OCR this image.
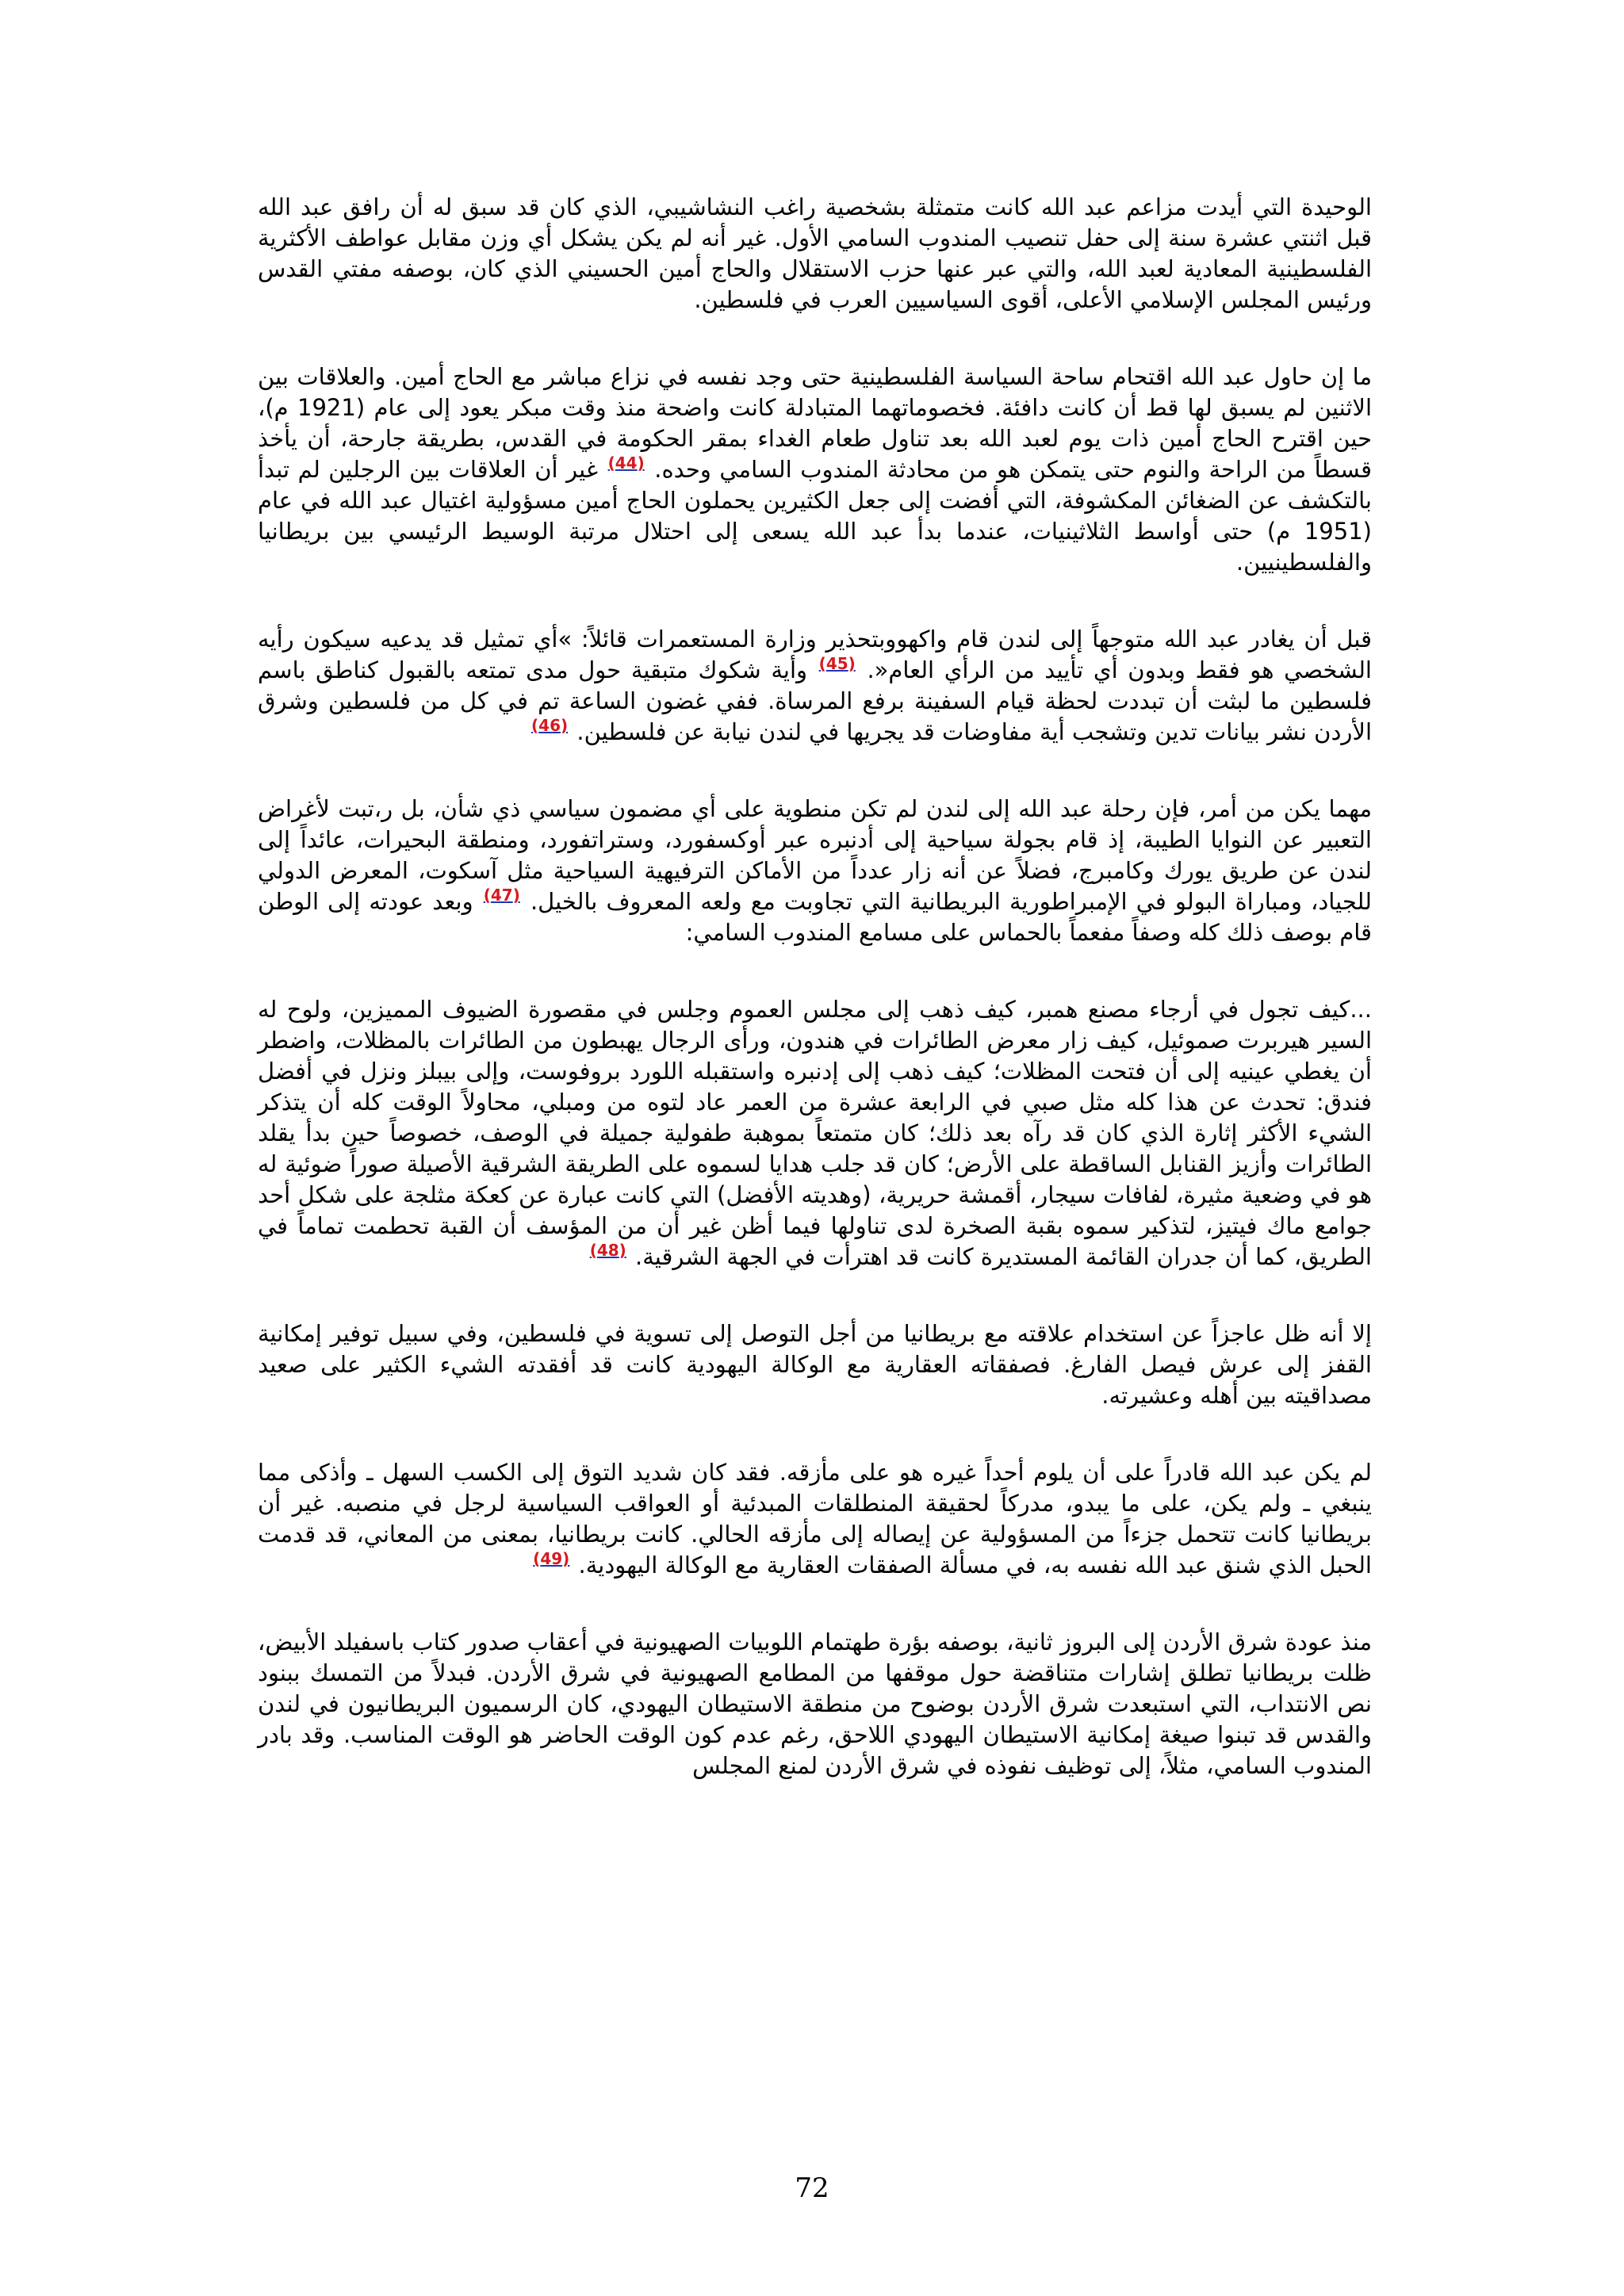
الوحيدة التي أيدت مزاعم عبد الله كانت متمثلة بشخصية راغب النشاشيبي، الذي كان قد سبق له أن رافق عبد الله قبل اثنتي عشرة سنة إلى حفل تنصيب المندوب السامي الأول. غير أنه لم يكن يشكل أي وزن مقابل عواطف الأكثرية الفلسطينية المعادية لعبد الله، والتي عبر عنها حزب الاستقلال والحاج أمين الحسيني الذي كان، بوصفه مفتي القدس ورئيس المجلس الإسلامي الأعلى، أقوى السياسيين العرب في فلسطين.

ما إن حاول عبد الله اقتحام ساحة السياسة الفلسطينية حتى وجد نفسه في نزاع مباشر مع الحاج أمين. والعلاقات بين الاثنين لم يسبق لها قط أن كانت دافئة. فخصوماتهما المتبادلة كانت واضحة منذ وقت مبكر يعود إلى عام (1921 م)، حين اقترح الحاج أمين ذات يوم لعبد الله بعد تناول طعام الغداء بمقر الحكومة في القدس، بطريقة جارحة، أن يأخذ قسطاً من الراحة والنوم حتى يتمكن هو من محادثة المندوب السامي وحده. $^{(44)}$ غير أن العلاقات بين الرجلين لم تبدأ بالتكشف عن الضغائن المكشوفة، التي أفضت إلى جعل الكثيرين يحملون الحاج أمين مسؤولية اغتيال عبد الله في عام (1951 م) حتى أواسط الثلاثينيات، عندما بدأ عبد الله يسعى إلى احتلال مرتبة الوسيط الرئيسي بين بريطانيا والفلسطينيين.

قبل أن يغادر عبد الله متوجهاً إلى لندن قام واكهووبتحذير وزارة المستعمرات قائلاً: »أي تمثيل قد يدعيه سيكون رأيه الشخصي هو فقط وبدون أي تأييد من الرأي العام«. $^{(45)}$ وأية شكوك متبقية حول مدى تمتعه بالقبول كناطق باسم فلسطين ما لبثت أن تبددت لحظة قيام السفينة برفع المرساة. ففي غضون الساعة تم في كل من فلسطين وشرق الأردن نشر بيانات تدين وتشجب أية مفاوضات قد يجريها في لندن نيابة عن فلسطين. $^{(46)}$

مهما يكن من أمر، فإن رحلة عبد الله إلى لندن لم تكن منطوية على أي مضمون سياسي ذي شأن، بل ر،تبت لأغراض التعبير عن النوايا الطيبة، إذ قام بجولة سياحية إلى أدنبره عبر أوكسفورد، وستراتفورد، ومنطقة البحيرات، عائداً إلى لندن عن طريق يورك وكامبرج، فضلاً عن أنه زار عدداً من الأماكن الترفيهية السياحية مثل آسكوت، المعرض الدولي للجياد، ومباراة البولو في الإمبراطورية البريطانية التي تجاوبت مع ولعه المعروف بالخيل. $^{(47)}$ وبعد عودته إلى الوطن قام بوصف ذلك كله وصفاً مفعماً بالحماس على مسامع المندوب السامي:

...كيف تجول في أرجاء مصنع همبر، كيف ذهب إلى مجلس العموم وجلس في مقصورة الضيوف المميزين، ولوح له السير هيربرت صموئيل، كيف زار معرض الطائرات في هندون، ورأى الرجال يهبطون من الطائرات بالمظلات، واضطر أن يغطي عينيه إلى أن فتحت المظلات؛ كيف ذهب إلى إدنبره واستقبله اللورد بروفوست، وإلى بيبلز ونزل في أفضل فندق: تحدث عن هذا كله مثل صبي في الرابعة عشرة من العمر عاد لتوه من ومبلي، محاولاً الوقت كله أن يتذكر الشيء الأكثر إثارة الذي كان قد رآه بعد ذلك؛ كان متمتعاً بموهبة طفولية جميلة في الوصف، خصوصاً حين بدأ يقلد الطائرات وأزيز القنابل الساقطة على الأرض؛ كان قد جلب هدايا لسموه على الطريقة الشرقية الأصيلة صوراً ضوئية له هو في وضعية مثيرة، لفافات سيجار، أقمشة حريرية، (وهديته الأفضل) التي كانت عبارة عن كعكة مثلجة على شكل أحد جوامع ماك فيتيز، لتذكير سموه بقبة الصخرة لدى تناولها فيما أظن غير أن من المؤسف أن القبة تحطمت تماماً في الطريق، كما أن جدران القائمة المستديرة كانت قد اهترأت في الجهة الشرقية. $^{(48)}$

إلا أنه ظل عاجزاً عن استخدام علاقته مع بريطانيا من أجل التوصل إلى تسوية في فلسطين، وفي سبيل توفير إمكانية القفز إلى عرش فيصل الفارغ. فصفقاته العقارية مع الوكالة اليهودية كانت قد أفقدته الشيء الكثير على صعيد مصداقيته بين أهله وعشيرته.

لم يكن عبد الله قادراً على أن يلوم أحداً غيره هو على مأزقه. فقد كان شديد التوق إلى الكسب السهل ـ وأذكى مما ينبغي ـ ولم يكن، على ما يبدو، مدركاً لحقيقة المنطلقات المبدئية أو العواقب السياسية لرجل في منصبه. غير أن بريطانيا كانت تتحمل جزءاً من المسؤولية عن إيصاله إلى مأزقه الحالي. كانت بريطانيا، بمعنى من المعاني، قد قدمت الحبل الذي شنق عبد الله نفسه به، في مسألة الصفقات العقارية مع الوكالة اليهودية. $^{(49)}$

منذ عودة شرق الأردن إلى البروز ثانية، بوصفه بؤرة طهتمام اللوبيات الصهيونية في أعقاب صدور كتاب باسفيلد الأبيض، ظلت بريطانيا تطلق إشارات متناقضة حول موقفها من المطامع الصهيونية في شرق الأردن. فبدلاً من التمسك ببنود نص الانتداب، التي استبعدت شرق الأردن بوضوح من منطقة الاستيطان اليهودي، كان الرسميون البريطانيون في لندن والقدس قد تبنوا صيغة إمكانية الاستيطان اليهودي اللاحق، رغم عدم كون الوقت الحاضر هو الوقت المناسب. وقد بادر المندوب السامي، مثلاً، إلى توظيف نفوذه في شرق الأردن لمنع المجلس

72
